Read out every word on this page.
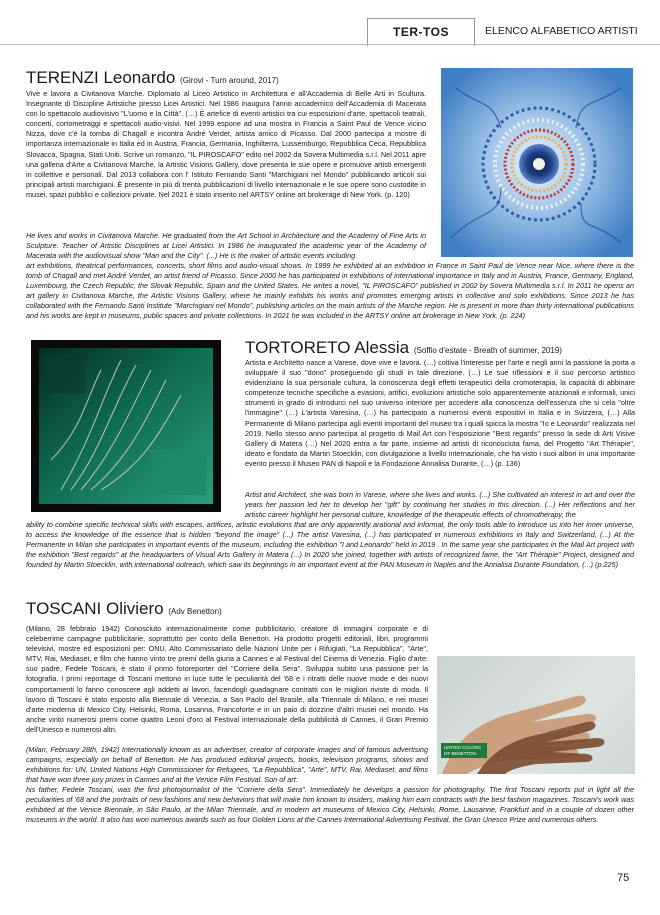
TER-TOS	ELENCO ALFABETICO ARTISTI
TERENZI Leonardo (Girovi - Turn around, 2017)

Vive e lavora a Civitanova Marche. Diplomato al Liceo Artistico in Architettura e all'Accademia di Belle Arti in Scultura. Insegnante di Discipline Artistiche presso Licei Artistici. Nel 1986 inaugura l'anno accademico dell'Accademia di Macerata con lo spettacolo audiovisivo "L'uomo e la Città". (…) È artefice di eventi artistici tra cui esposizioni d'arte, spettacoli teatrali, concerti, cortometraggi e spettacoli audio-visivi. Nel 1999 espone ad una mostra in Francia a Saint Paul de Vence vicino Nizza, dove c'è la tomba di Chagall e incontra André Verdet, artista amico di Picasso. Dal 2000 partecipa a mostre di importanza internazionale in Italia ed in Austria, Francia, Germania, Inghilterra, Lussemburgo, Repubblica Ceca, Repubblica Slovacca, Spagna, Stati Uniti. Scrive un romanzo, "IL PIROSCAFO" edito nel 2002 da Sovera Multimedia s.r.l. Nel 2011 apre una galleria d'Arte a Civitanova Marche, la Artistic Visions Gallery, dove presenta le sue opere e promuove artisti emergenti in collettive e personali. Dal 2013 collabora con l' Istituto Fernando Santi "Marchigiani nel Mondo" pubblicando articoli sui principali artisti marchigiani. È presente in più di trenta pubblicazioni di livello internazionale e le sue opere sono custodite in musei, spazi pubblici e collezioni private. Nel 2021 è stato inserito nel ARTSY online art brokerage di New York. (p. 120)

He lives and works in Civitanova Marche. He graduated from the Art School in Architecture and the Academy of Fine Arts in Sculpture. Teacher of Artistic Disciplines at Licei Artistici. In 1986 he inaugurated the academic year of the Academy of Macerata with the audiovisual show "Man and the City". (...) He is the maker of artistic events including

art exhibitions, theatrical performances, concerts, short films and audio-visual shows. In 1999 he exhibited at an exhibition in France in Saint Paul de Vence near Nice, where there is the tomb of Chagall and met André Verdet, an artist friend of Picasso. Since 2000 he has participated in exhibitions of international importance in Italy and in Austria, France, Germany, England, Luxembourg, the Czech Republic, the Slovak Republic, Spain and the United States. He writes a novel, "IL PIROSCAFO" published in 2002 by Sovera Multimedia s.r.l. In 2011 he opens an art gallery in Civitanova Marche, the Artistic Visions Gallery, where he mainly exhibits his works and promotes emerging artists in collective and solo exhibitions. Since 2013 he has collaborated with the Fernando Santi Institute "Marchigiani nel Mondo", publishing articles on the main artists of the Marche region. He is present in more than thirty international publications and his works are kept in museums, public spaces and private collections. In 2021 he was included in the ARTSY online art brokerage in New York. (p. 224)

TORTORETO Alessia (Soffio d'estate - Breath of summer, 2019)

Artista e Architetto nasce a Varese, dove vive e lavora. (…) coltiva l'interesse per l'arte e negli anni la passione la porta a sviluppare il suo "dono" proseguendo gli studi in tale direzione. (…) Le sue riflessioni e il suo percorso artistico evidenziano la sua personale cultura, la conoscenza degli effetti terapeutici della cromoterapia, la capacità di abbinare competenze tecniche specifiche a evasioni, artifici, evoluzioni artistiche solo apparentemente arazionali e informali, unici strumenti in grado di introdurci nel suo universo interiore per accedere alla conoscenza dell'essenza che si cela "oltre l'immagine" (…) L'artista Varesina, (…) ha partecipato a numerosi eventi espositivi in Italia e in Svizzera, (…) Alla Permanente di Milano partecipa agli eventi importanti del museo tra i quali spicca la mostra "Io e Leonardo" realizzata nel 2019. Nello stesso anno partecipa al progetto di Mail Art con l'esposizione "Best regards" presso la sede di Arti Visive Gallery di Matera (…) Nel 2020 entra a far parte, insieme ad artisti di riconosciuta fama, del Progetto "Art Thérapie", ideato e fondato da Martin Stoecklin, con divulgazione a livello internazionale, che ha visto i suoi albori in una importante evento presso il Museo PAN di Napoli e la Fondazione Annalisa Durante, (…) (p. 136)

Artist and Architect, she was born in Varese, where she lives and works. (...) She cultivated an interest in art and over the years her passion led her to develop her "gift" by continuing her studies in this direction. (...) Her reflections and her artistic career highlight her personal culture, knowledge of the therapeutic effects of chromotherapy, the

ability to combine specific technical skills with escapes, artifices, artistic evolutions that are only apparently arational and informal, the only tools able to introduce us into her inner universe, to access the knowledge of the essence that is hidden "beyond the image" (...) The artist Varesina, (...) has participated in numerous exhibitions in Italy and Switzerland, (...) At the Permanente in Milan she participates in important events of the museum, including the exhibition "I and Leonardo" held in 2019 . In the same year she participates in the Mail Art project with the exhibition "Best regards" at the headquarters of Visual Arts Gallery in Matera (...) In 2020 she joined, together with artists of recognized fame, the "Art Thérapie" Project, designed and founded by Martin Stoecklin, with international outreach, which saw its beginnings in an important event at the PAN Museum in Naples and the Annalisa Durante Foundation, (...) (p.225)

TOSCANI Oliviero (Adv Benetton)

(Milano, 28 febbraio 1942) Conosciuto internazionalmente come pubblicitario, creatore di immagini corporate e di celeberrime campagne pubblicitarie, soprattutto per conto della Benetton. Ha prodotto progetti editoriali, libri, programmi televisivi, mostre ed esposizioni per: ONU, Alto Commissariato delle Nazioni Unite per i Rifugiati, "La Repubblica", "Arte", MTV, Rai, Mediaset, e film che hanno vinto tre premi della giuria a Cannes e al Festival del Cinema di Venezia. Figlio d'arte: suo padre, Fedele Toscani, è stato il primo fotoreporter del "Corriere della Sera". Sviluppa subito una passione per la fotografia. I primi reportage di Toscani mettono in luce tutte le peculiarità del '68 e i ritratti delle nuove mode e dei nuovi comportamenti lo fanno conoscere agli addetti ai lavori, facendogli guadagnare contratti con le migliori riviste di moda. Il lavoro di Toscani è stato esposto alla Biennale di Venezia, a San Paolo del Brasile, alla Triennale di Milano, e nei musei d'arte moderna di Mexico City, Helsinki, Roma, Losanna, Francoforte e in un paio di dozzine d'altri musei nel mondo. Ha anche vinto numerosi premi come quattro Leoni d'oro al Festival internazionale della pubblicità di Cannes, il Gran Premio dell'Unesco e numerosi altri.

(Milan, February 28th, 1942) Internationally known as an advertiser, creator of corporate images and of famous advertising campaigns, especially on behalf of Benetton. He has produced editorial projects, books, television programs, shows and exhibitions for: UN, United Nations High Commissioner for Refugees, "La Repubblica", "Arte", MTV, Rai, Mediaset, and films that have won three jury prizes in Cannes and at the Venice Film Festival. Son of art:

his father, Fedele Toscani, was the first photojournalist of the "Corriere della Sera". Immediately he develops a passion for photography. The first Toscani reports put in light all the peculiarities of '68 and the portraits of new fashions and new behaviors that will make him known to insiders, making him earn contracts with the best fashion magazines. Toscani's work was exhibited at the Venice Biennale, in São Paulo, at the Milan Triennale, and in modern art museums of Mexico City, Helsinki, Rome, Lausanne, Frankfurt and in a couple of dozen other museums in the world. It also has won numerous awards such as four Golden Lions at the Cannes International Advertising Festival, the Gran Unesco Prize and numerous others.

UNITED COLORS OF BENETTON.
75
